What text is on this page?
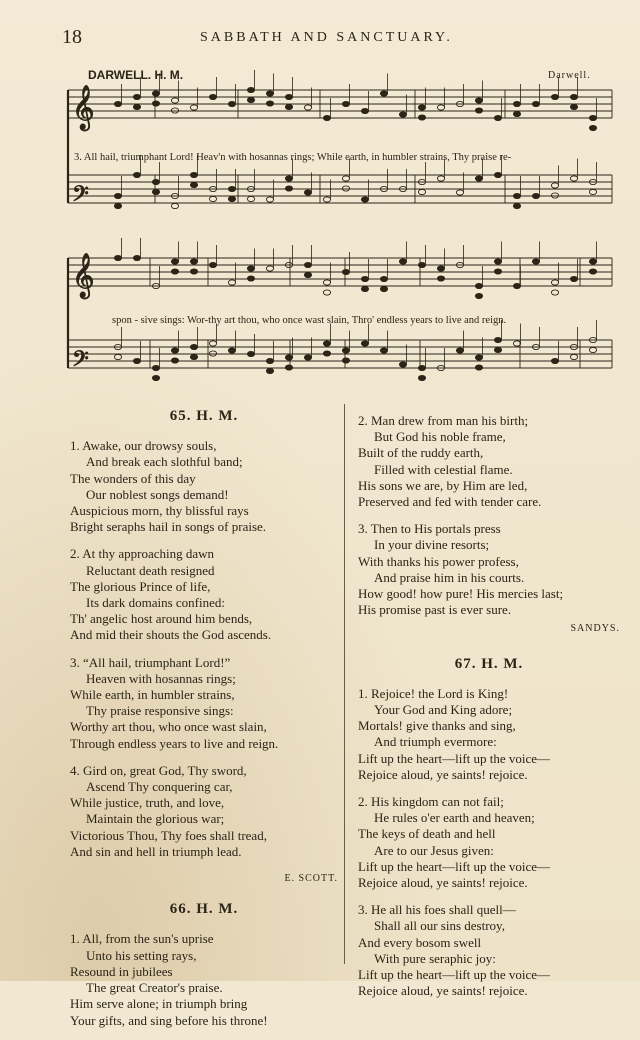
18	SABBATH AND SANCTUARY.
DARWELL. H. M.	Darwell.
𝄞
𝄢
𝄞
𝄢
3. All hail, triumphant Lord! Heav'n with hosannas rings; While earth, in humbler strains, Thy praise re-
spon - sive sings: Wor-thy art thou, who once wast slain, Thro' endless years to live and reign.
65. H. M.
1. Awake, our drowsy souls,
And break each slothful band;
The wonders of this day
Our noblest songs demand!
Auspicious morn, thy blissful rays
Bright seraphs hail in songs of praise.
2. At thy approaching dawn
Reluctant death resigned
The glorious Prince of life,
Its dark domains confined:
Th' angelic host around him bends,
And mid their shouts the God ascends.
3. “All hail, triumphant Lord!”
Heaven with hosannas rings;
While earth, in humbler strains,
Thy praise responsive sings:
Worthy art thou, who once wast slain,
Through endless years to live and reign.
4. Gird on, great God, Thy sword,
Ascend Thy conquering car,
While justice, truth, and love,
Maintain the glorious war;
Victorious Thou, Thy foes shall tread,
And sin and hell in triumph lead.
E. SCOTT.
66. H. M.
1. All, from the sun's uprise
Unto his setting rays,
Resound in jubilees
The great Creator's praise.
Him serve alone; in triumph bring
Your gifts, and sing before his throne!
2. Man drew from man his birth;
But God his noble frame,
Built of the ruddy earth,
Filled with celestial flame.
His sons we are, by Him are led,
Preserved and fed with tender care.
3. Then to His portals press
In your divine resorts;
With thanks his power profess,
And praise him in his courts.
How good! how pure! His mercies last;
His promise past is ever sure.
SANDYS.
67. H. M.
1. Rejoice! the Lord is King!
Your God and King adore;
Mortals! give thanks and sing,
And triumph evermore:
Lift up the heart—lift up the voice—
Rejoice aloud, ye saints! rejoice.
2. His kingdom can not fail;
He rules o'er earth and heaven;
The keys of death and hell
Are to our Jesus given:
Lift up the heart—lift up the voice—
Rejoice aloud, ye saints! rejoice.
3. He all his foes shall quell—
Shall all our sins destroy,
And every bosom swell
With pure seraphic joy:
Lift up the heart—lift up the voice—
Rejoice aloud, ye saints! rejoice.
